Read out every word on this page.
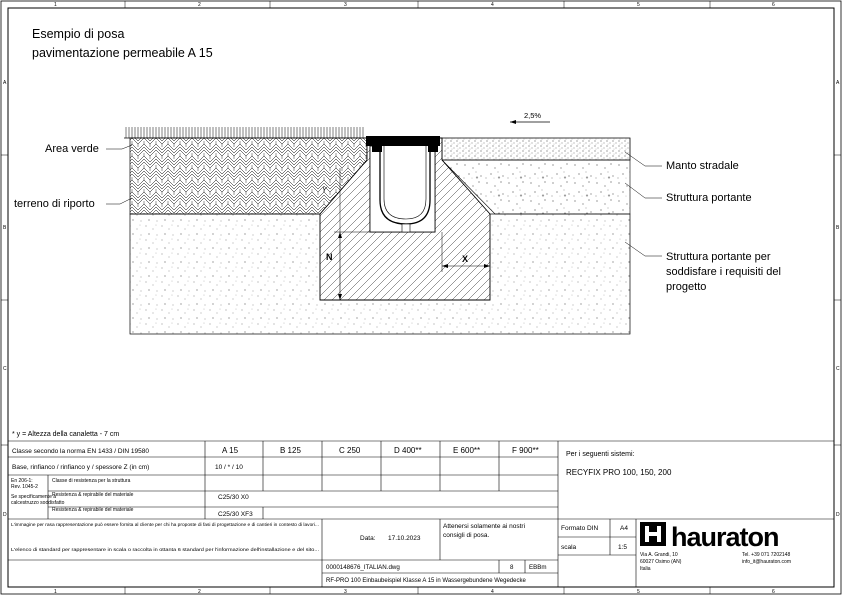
1	2	3	4	5	6
1	2	3	4	5	6
A
B
C
D
A
B
C
D
Esempio di posa
pavimentazione permeabile A 15
2,5%
N
Y
X
Area verde
terreno di riporto
Manto stradale
Struttura portante
Struttura portante per
soddisfare i requisiti del
progetto
* y = Altezza della canaletta - 7 cm
Classe secondo la norma EN 1433 / DIN 19580	A 15	B 125	C 250	D 400**	E 600**	F 900**	Per i seguenti sistemi:
RECYFIX PRO 100, 150, 200
Base, rinfianco / rinfianco y / spessore Z (in cm)	10 / * / 10
Classe di resistenza per la struttura
Resistenza & repirabile del materiale	C25/30 X0
Resistenza & repirabile del materiale
C25/30 XF3
En 206-1:
Rev. 1045-2
Se specificamente a
calcestruzzo soddisfatto
L'immagine per rasa rappresentazione può essere fornita al cliente per chi ha proposte di fasi di progettazione e di cantieri in contesto di lavori...
L'elenco di standard per rappresentare in scala o raccolta in ottanta 6 standard per l'informazione dell'installazione e del sito...
Attenersi solamente ai nostri
consigli di posa.
Data: 17.10.2023
Formato DIN	A4
scala	1:5
0000148676_ITALIAN.dwg	8	EBBm
RF-PRO 100 Einbaubeispiel Klasse A 15 in Wassergebundene Wegedecke
hauraton
Via A. Grandi, 10
60027 Osimo (AN)
Italia
Tel. +39 071 7202148
info_it@hauraton.com
